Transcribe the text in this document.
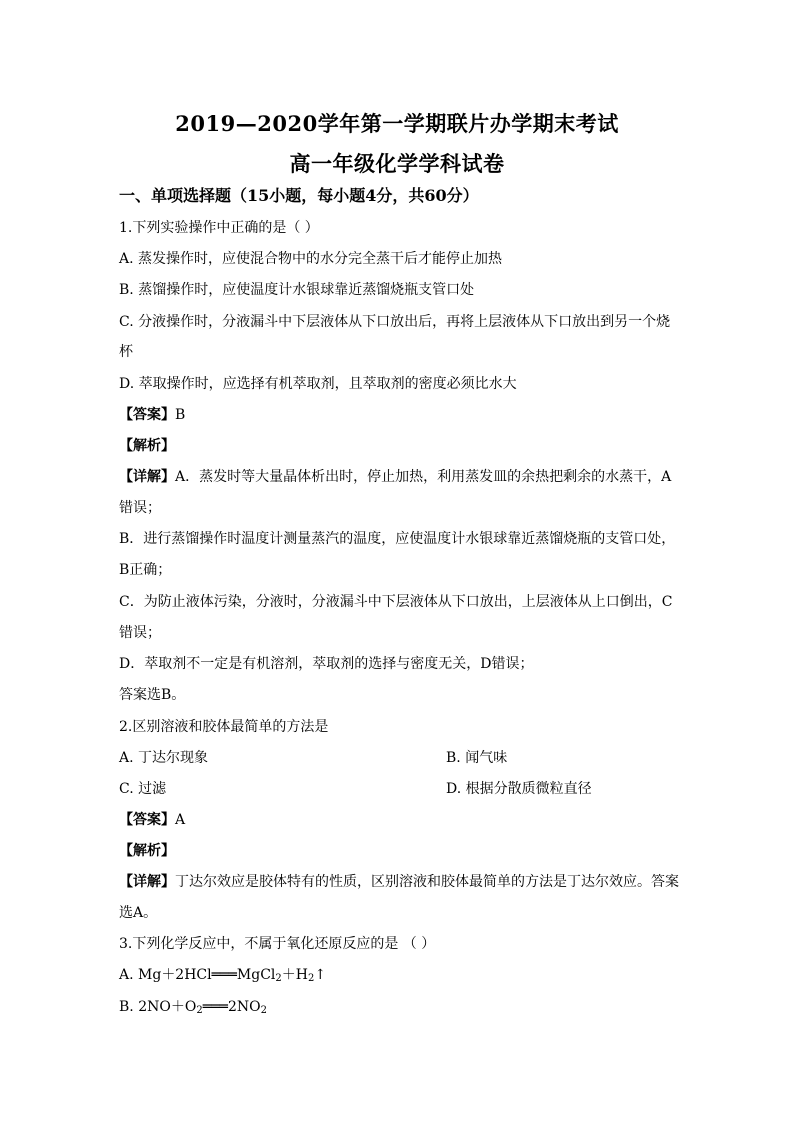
2019—2020学年第一学期联片办学期末考试
高一年级化学学科试卷
一、单项选择题（15小题，每小题4分，共60分）
1.下列实验操作中正确的是（ ）
A. 蒸发操作时，应使混合物中的水分完全蒸干后才能停止加热
B. 蒸馏操作时，应使温度计水银球靠近蒸馏烧瓶支管口处
C. 分液操作时，分液漏斗中下层液体从下口放出后，再将上层液体从下口放出到另一个烧
杯
D. 萃取操作时，应选择有机萃取剂，且萃取剂的密度必须比水大
【答案】B
【解析】
【详解】A．蒸发时等大量晶体析出时，停止加热，利用蒸发皿的余热把剩余的水蒸干，A
错误；
B．进行蒸馏操作时温度计测量蒸汽的温度，应使温度计水银球靠近蒸馏烧瓶的支管口处，
B正确；
C．为防止液体污染，分液时，分液漏斗中下层液体从下口放出，上层液体从上口倒出，C
错误；
D．萃取剂不一定是有机溶剂，萃取剂的选择与密度无关，D错误；
答案选B。
2.区别溶液和胶体最简单的方法是
A. 丁达尔现象	B. 闻气味
C. 过滤	D. 根据分散质微粒直径
【答案】A
【解析】
【详解】丁达尔效应是胶体特有的性质，区别溶液和胶体最简单的方法是丁达尔效应。答案
选A。
3.下列化学反应中，不属于氧化还原反应的是 （ ）
A. $Mg+2HCl═══MgCl_2+H_2↑$
B. $2NO+O_2═══2NO_2$
